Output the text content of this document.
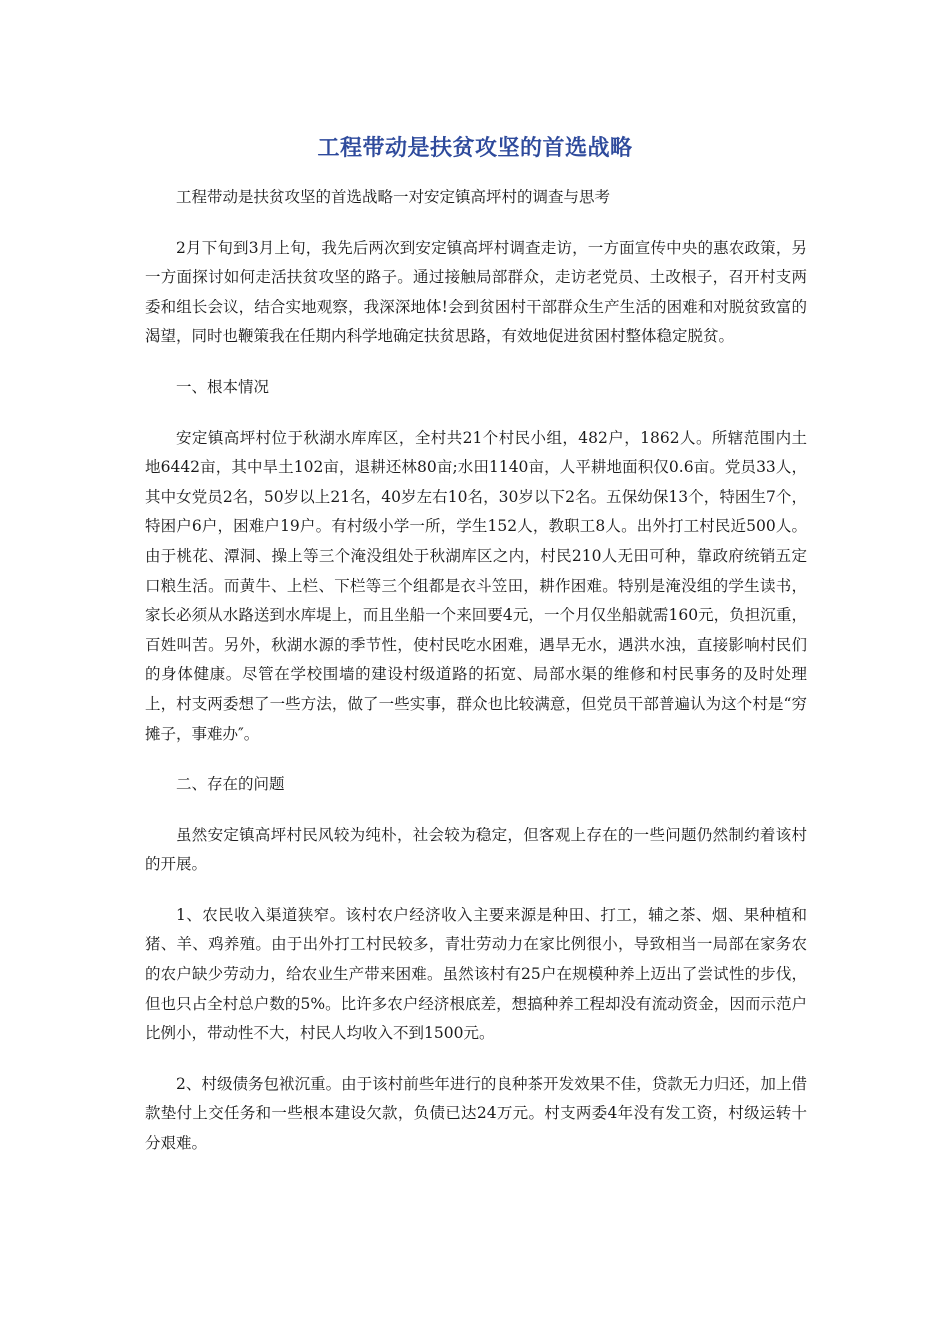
工程带动是扶贫攻坚的首选战略

工程带动是扶贫攻坚的首选战略一对安定镇高坪村的调查与思考

2月下旬到3月上旬，我先后两次到安定镇高坪村调查走访，一方面宣传中央的惠农政策，另一方面探讨如何走活扶贫攻坚的路子。通过接触局部群众，走访老党员、土改根子，召开村支两委和组长会议，结合实地观察，我深深地体!会到贫困村干部群众生产生活的困难和对脱贫致富的渴望，同时也鞭策我在任期内科学地确定扶贫思路，有效地促进贫困村整体稳定脱贫。

一、根本情况

安定镇高坪村位于秋湖水库库区，全村共21个村民小组，482户，1862人。所辖范围内土地6442亩，其中旱土102亩，退耕还林80亩;水田1140亩，人平耕地面积仅0.6亩。党员33人，其中女党员2名，50岁以上21名，40岁左右10名，30岁以下2名。五保幼保13个，特困生7个，特困户6户，困难户19户。有村级小学一所，学生152人，教职工8人。出外打工村民近500人。由于桃花、潭洞、操上等三个淹没组处于秋湖库区之内，村民210人无田可种，靠政府统销五定口粮生活。而黄牛、上栏、下栏等三个组都是衣斗笠田，耕作困难。特别是淹没组的学生读书，家长必须从水路送到水库堤上，而且坐船一个来回要4元，一个月仅坐船就需160元，负担沉重，百姓叫苦。另外，秋湖水源的季节性，使村民吃水困难，遇旱无水，遇洪水浊，直接影响村民们的身体健康。尽管在学校围墙的建设村级道路的拓宽、局部水渠的维修和村民事务的及时处理上，村支两委想了一些方法，做了一些实事，群众也比较满意，但党员干部普遍认为这个村是“穷摊子，事难办″。

二、存在的问题

虽然安定镇高坪村民风较为纯朴，社会较为稳定，但客观上存在的一些问题仍然制约着该村的开展。

1、农民收入渠道狭窄。该村农户经济收入主要来源是种田、打工，辅之茶、烟、果种植和猪、羊、鸡养殖。由于出外打工村民较多，青壮劳动力在家比例很小，导致相当一局部在家务农的农户缺少劳动力，给农业生产带来困难。虽然该村有25户在规模种养上迈出了尝试性的步伐，但也只占全村总户数的5%。比许多农户经济根底差，想搞种养工程却没有流动资金，因而示范户比例小，带动性不大，村民人均收入不到1500元。

2、村级债务包袱沉重。由于该村前些年进行的良种茶开发效果不佳，贷款无力归还，加上借款垫付上交任务和一些根本建设欠款，负债已达24万元。村支两委4年没有发工资，村级运转十分艰难。
